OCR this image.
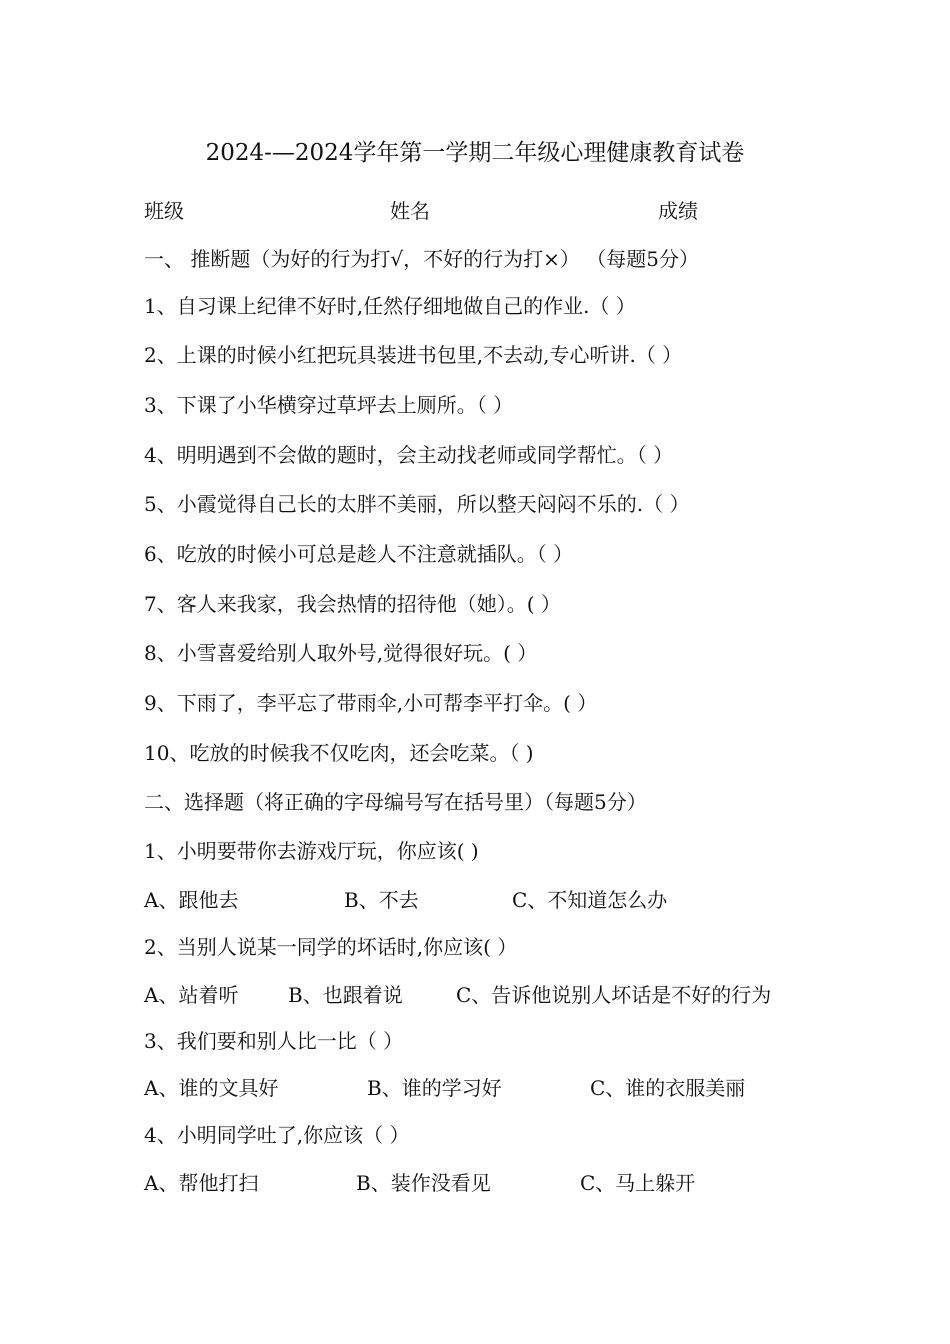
2024-—2024学年第一学期二年级心理健康教育试卷
班级	姓名	成绩
一、 推断题（为好的行为打√，不好的行为打×） （每题5分）
1、自习课上纪律不好时,任然仔细地做自己的作业.（ ）
2、上课的时候小红把玩具装进书包里,不去动,专心听讲.（ ）
3、下课了小华横穿过草坪去上厕所。（ ）
4、明明遇到不会做的题时，会主动找老师或同学帮忙。（ ）
5、小霞觉得自己长的太胖不美丽，所以整天闷闷不乐的.（ ）
6、吃放的时候小可总是趁人不注意就插队。（ ）
7、客人来我家，我会热情的招待他（她）。( ）
8、小雪喜爱给别人取外号,觉得很好玩。( ）
9、下雨了，李平忘了带雨伞,小可帮李平打伞。( ）
10、吃放的时候我不仅吃肉，还会吃菜。（ )
二、选择题（将正确的字母编号写在括号里）（每题5分）
1、小明要带你去游戏厅玩，你应该( )
A、跟他去	B、不去	C、不知道怎么办
2、当别人说某一同学的坏话时,你应该( ）
A、站着听 B、也跟着说	C、告诉他说别人坏话是不好的行为
3、我们要和别人比一比（ ）
A、谁的文具好	B、谁的学习好	C、谁的衣服美丽
4、小明同学吐了,你应该（ ）
A、帮他打扫	B、装作没看见	C、马上躲开
